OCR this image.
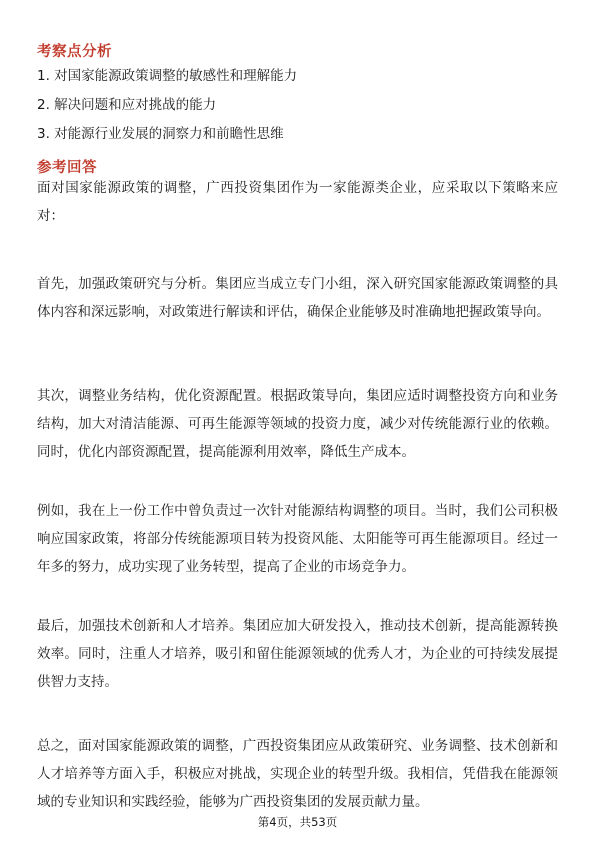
考察点分析
1. 对国家能源政策调整的敏感性和理解能力
2. 解决问题和应对挑战的能力
3. 对能源行业发展的洞察力和前瞻性思维
参考回答
面对国家能源政策的调整，广西投资集团作为一家能源类企业，应采取以下策略来应对：
首先，加强政策研究与分析。集团应当成立专门小组，深入研究国家能源政策调整的具体内容和深远影响，对政策进行解读和评估，确保企业能够及时准确地把握政策导向。
其次，调整业务结构，优化资源配置。根据政策导向，集团应适时调整投资方向和业务结构，加大对清洁能源、可再生能源等领域的投资力度，减少对传统能源行业的依赖。同时，优化内部资源配置，提高能源利用效率，降低生产成本。
例如，我在上一份工作中曾负责过一次针对能源结构调整的项目。当时，我们公司积极响应国家政策，将部分传统能源项目转为投资风能、太阳能等可再生能源项目。经过一年多的努力，成功实现了业务转型，提高了企业的市场竞争力。
最后，加强技术创新和人才培养。集团应加大研发投入，推动技术创新，提高能源转换效率。同时，注重人才培养，吸引和留住能源领域的优秀人才，为企业的可持续发展提供智力支持。
总之，面对国家能源政策的调整，广西投资集团应从政策研究、业务调整、技术创新和人才培养等方面入手，积极应对挑战，实现企业的转型升级。我相信，凭借我在能源领域的专业知识和实践经验，能够为广西投资集团的发展贡献力量。
第4页，共53页
